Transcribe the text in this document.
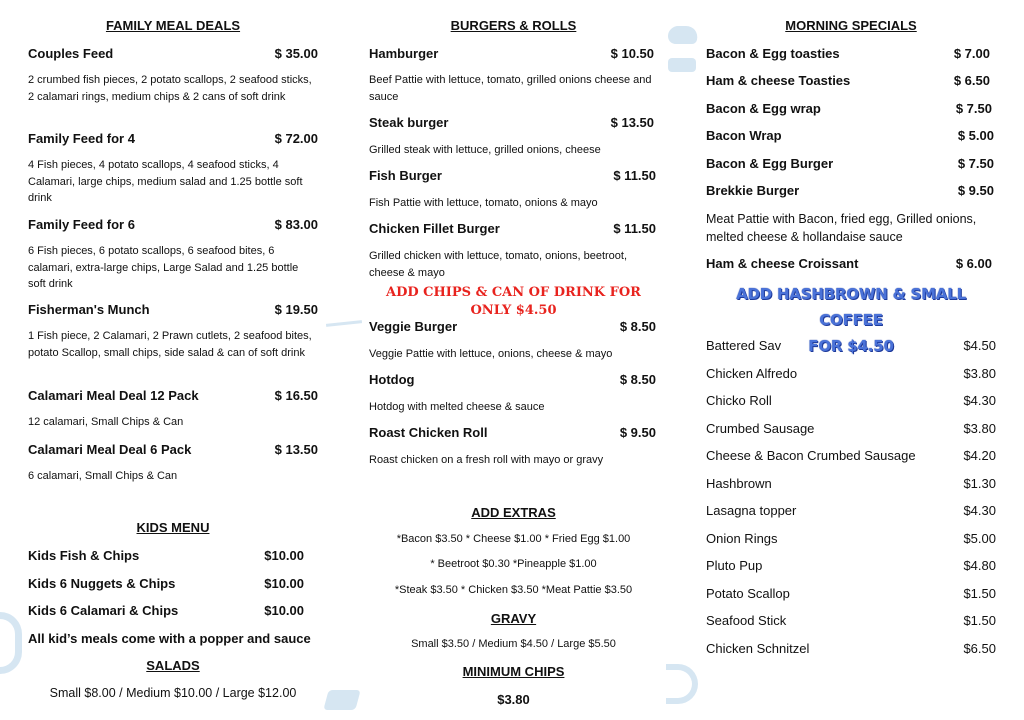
FAMILY MEAL DEALS
Couples Feed	$ 35.00
2 crumbed fish pieces, 2 potato scallops, 2 seafood sticks, 2 calamari rings, medium chips & 2 cans of soft drink
Family Feed for 4	$ 72.00
4 Fish pieces, 4 potato scallops, 4 seafood sticks, 4 Calamari, large chips, medium salad and 1.25 bottle soft drink
Family Feed for 6	$ 83.00
6 Fish pieces, 6 potato scallops, 6 seafood bites, 6 calamari, extra-large chips, Large Salad and 1.25 bottle soft drink
Fisherman's Munch	$ 19.50
1 Fish piece, 2 Calamari, 2 Prawn cutlets, 2 seafood bites, potato Scallop, small chips, side salad & can of soft drink
Calamari Meal Deal 12 Pack	$ 16.50
12 calamari, Small Chips & Can
Calamari Meal Deal 6 Pack	$ 13.50
6 calamari, Small Chips & Can
KIDS MENU
Kids Fish & Chips	$10.00
Kids 6 Nuggets & Chips	$10.00
Kids 6 Calamari & Chips	$10.00
All kid’s meals come with a popper and sauce
SALADS
Small $8.00 / Medium $10.00 / Large $12.00
BURGERS & ROLLS
Hamburger	$ 10.50
Beef Pattie with lettuce, tomato, grilled onions cheese and sauce
Steak burger	$ 13.50
Grilled steak with lettuce, grilled onions, cheese
Fish Burger	$ 11.50
Fish Pattie with lettuce, tomato, onions & mayo
Chicken Fillet Burger	$ 11.50
Grilled chicken with lettuce, tomato, onions, beetroot, cheese & mayo
ADD CHIPS & CAN OF DRINK FOR
ONLY $4.50
Veggie Burger	$ 8.50
Veggie Pattie with lettuce, onions, cheese & mayo
Hotdog	$ 8.50
Hotdog with melted cheese & sauce
Roast Chicken Roll	$ 9.50
Roast chicken on a fresh roll with mayo or gravy
ADD EXTRAS
*Bacon $3.50 * Cheese $1.00 * Fried Egg $1.00
* Beetroot $0.30 *Pineapple $1.00
*Steak $3.50 * Chicken $3.50 *Meat Pattie $3.50
GRAVY
Small $3.50 / Medium $4.50 / Large $5.50
MINIMUM CHIPS
$3.80
MORNING SPECIALS
Bacon & Egg toasties	$ 7.00
Ham & cheese Toasties	$ 6.50
Bacon & Egg wrap	$ 7.50
Bacon Wrap	$ 5.00
Bacon & Egg Burger	$ 7.50
Brekkie Burger	$ 9.50
Meat Pattie with Bacon, fried egg, Grilled onions, melted cheese & hollandaise sauce
Ham & cheese Croissant	$ 6.00
ADD HASHBROWN & SMALL COFFEE
FOR $4.50
Battered Sav	$4.50
Chicken Alfredo	$3.80
Chicko Roll	$4.30
Crumbed Sausage	$3.80
Cheese & Bacon Crumbed Sausage	$4.20
Hashbrown	$1.30
Lasagna topper	$4.30
Onion Rings	$5.00
Pluto Pup	$4.80
Potato Scallop	$1.50
Seafood Stick	$1.50
Chicken Schnitzel	$6.50
